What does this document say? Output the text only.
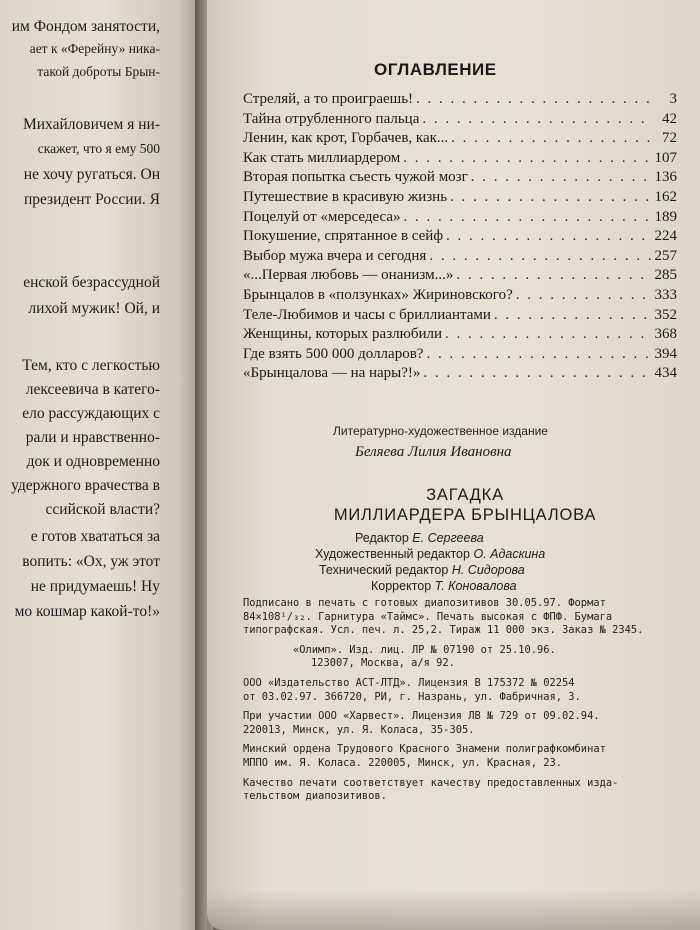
им Фондом занятости,
ает к «Ферейну» ника-
такой доброты Брын-
Михайловичем я ни-
скажет, что я ему 500
не хочу ругаться. Он
президент России. Я
енской безрассудной
лихой мужик! Ой, и
Тем, кто с легкостью
лексеевича в катего-
ело рассуждающих с
рали и нравственно-
док и одновременно
удержного врачества в
ссийской власти?
е готов хвататься за
вопить: «Ох, уж этот
не придумаешь! Ну
мо кошмар какой-то!»
ОГЛАВЛЕНИЕ
Стреляй, а то проиграешь! . . .	3
Тайна отрубленного пальца . . .	42
Ленин, как крот, Горбачев, как... . . .	72
Как стать миллиардером . . .	107
Вторая попытка съесть чужой мозг . . .	136
Путешествие в красивую жизнь . . .	162
Поцелуй от «мерседеса» . . .	189
Покушение, спрятанное в сейф . . .	224
Выбор мужа вчера и сегодня . . .	257
«...Первая любовь — онанизм...» . . .	285
Брынцалов в «ползунках» Жириновского? . . .	333
Теле-Любимов и часы с бриллиантами . . .	352
Женщины, которых разлюбили . . .	368
Где взять 500 000 долларов? . . .	394
«Брынцалова — на нары?!» . . .	434
Литературно-художественное издание
Беляева Лилия Ивановна
ЗАГАДКА
МИЛЛИАРДЕРА БРЫНЦАЛОВА
Редактор Е. Сергеева
Художественный редактор О. Адаскина
Технический редактор Н. Сидорова
Корректор Т. Коновалова
Подписано в печать с готовых диапозитивов 30.05.97. Формат
84×108¹/₃₂. Гарнитура «Таймс». Печать высокая с ФПФ. Бумага
типографская. Усл. печ. л. 25,2. Тираж 11 000 экз. Заказ № 2345.
«Олимп». Изд. лиц. ЛР № 07190 от 25.10.96.
123007, Москва, а/я 92.
ООО «Издательство АСТ-ЛТД». Лицензия В 175372 № 02254
от 03.02.97. 366720, РИ, г. Назрань, ул. Фабричная, 3.
При участии ООО «Харвест». Лицензия ЛВ № 729 от 09.02.94.
220013, Минск, ул. Я. Коласа, 35-305.
Минский ордена Трудового Красного Знамени полиграфкомбинат
МППО им. Я. Коласа. 220005, Минск, ул. Красная, 23.
Качество печати соответствует качеству предоставленных изда-
тельством диапозитивов.
